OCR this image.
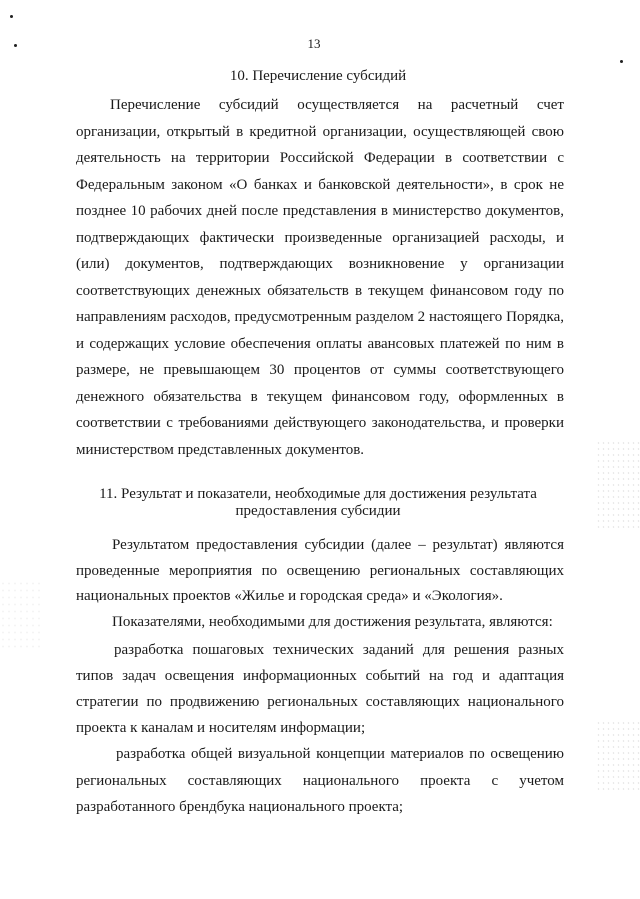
13
10. Перечисление субсидий

Перечисление субсидий осуществляется на расчетный счет организации, открытый в кредитной организации, осуществляющей свою деятельность на территории Российской Федерации в соответствии с Федеральным законом «О банках и банковской деятельности», в срок не позднее 10 рабочих дней после представления в министерство документов, подтверждающих фактически произведенные организацией расходы, и (или) документов, подтверждающих возникновение у организации соответствующих денежных обязательств в текущем финансовом году по направлениям расходов, предусмотренным разделом 2 настоящего Порядка, и содержащих условие обеспечения оплаты авансовых платежей по ним в размере, не превышающем 30 процентов от суммы соответствующего денежного обязательства в текущем финансовом году, оформленных в соответствии с требованиями действующего законодательства, и проверки министерством представленных документов.

11. Результат и показатели, необходимые для достижения результата
предоставления субсидии

Результатом предоставления субсидии (далее – результат) являются проведенные мероприятия по освещению региональных составляющих национальных проектов «Жилье и городская среда» и «Экология».

Показателями, необходимыми для достижения результата, являются:

разработка пошаговых технических заданий для решения разных типов задач освещения информационных событий на год и адаптация стратегии по продвижению региональных составляющих национального проекта к каналам и носителям информации;

разработка общей визуальной концепции материалов по освещению региональных составляющих национального проекта с учетом разработанного брендбука национального проекта;
